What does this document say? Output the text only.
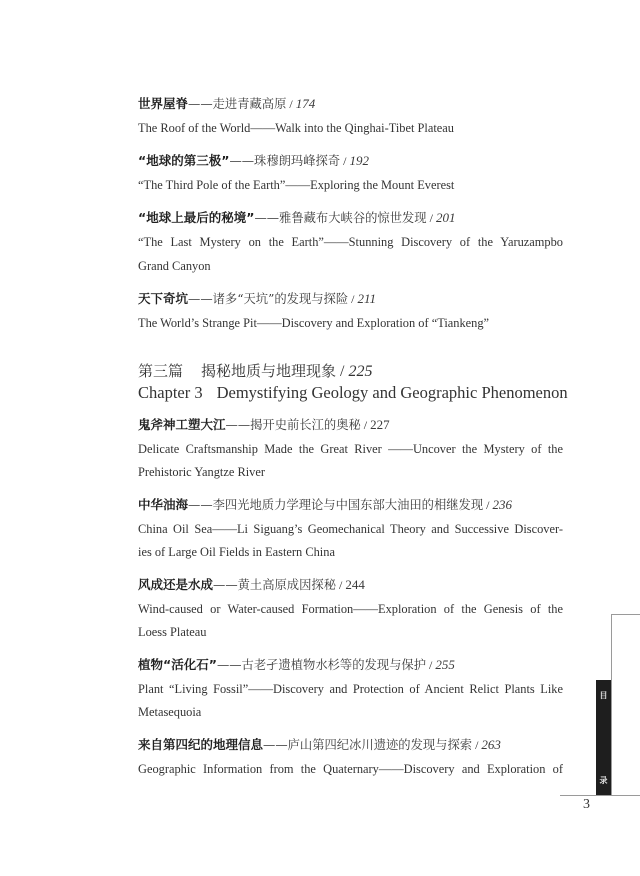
世界屋脊——走进青藏高原 / 174
The Roof of the World——Walk into the Qinghai-Tibet Plateau
“地球的第三极”——珠穆朗玛峰探奇 / 192
“The Third Pole of the Earth”——Exploring the Mount Everest
“地球上最后的秘境”——雅鲁藏布大峡谷的惊世发现 / 201
“The Last Mystery on the Earth”——Stunning Discovery of the Yaruzampbo
Grand Canyon
天下奇坑——诸多“天坑”的发现与探险 / 211
The World’s Strange Pit——Discovery and Exploration of “Tiankeng”
第三篇 揭秘地质与地理现象 / 225
Chapter 3 Demystifying Geology and Geographic Phenomenon
鬼斧神工塑大江——揭开史前长江的奥秘 / 227
Delicate Craftsmanship Made the Great River ——Uncover the Mystery of the
Prehistoric Yangtze River
中华油海——李四光地质力学理论与中国东部大油田的相继发现 / 236
China Oil Sea——Li Siguang’s Geomechanical Theory and Successive Discover-
ies of Large Oil Fields in Eastern China
风成还是水成——黄土高原成因探秘 / 244
Wind-caused or Water-caused Formation——Exploration of the Genesis of the
Loess Plateau
植物“活化石”——古老孑遗植物水杉等的发现与保护 / 255
Plant “Living Fossil”——Discovery and Protection of Ancient Relict Plants Like
Metasequoia
来自第四纪的地理信息——庐山第四纪冰川遗迹的发现与探索 / 263
Geographic Information from the Quaternary——Discovery and Exploration of
目
录
3
